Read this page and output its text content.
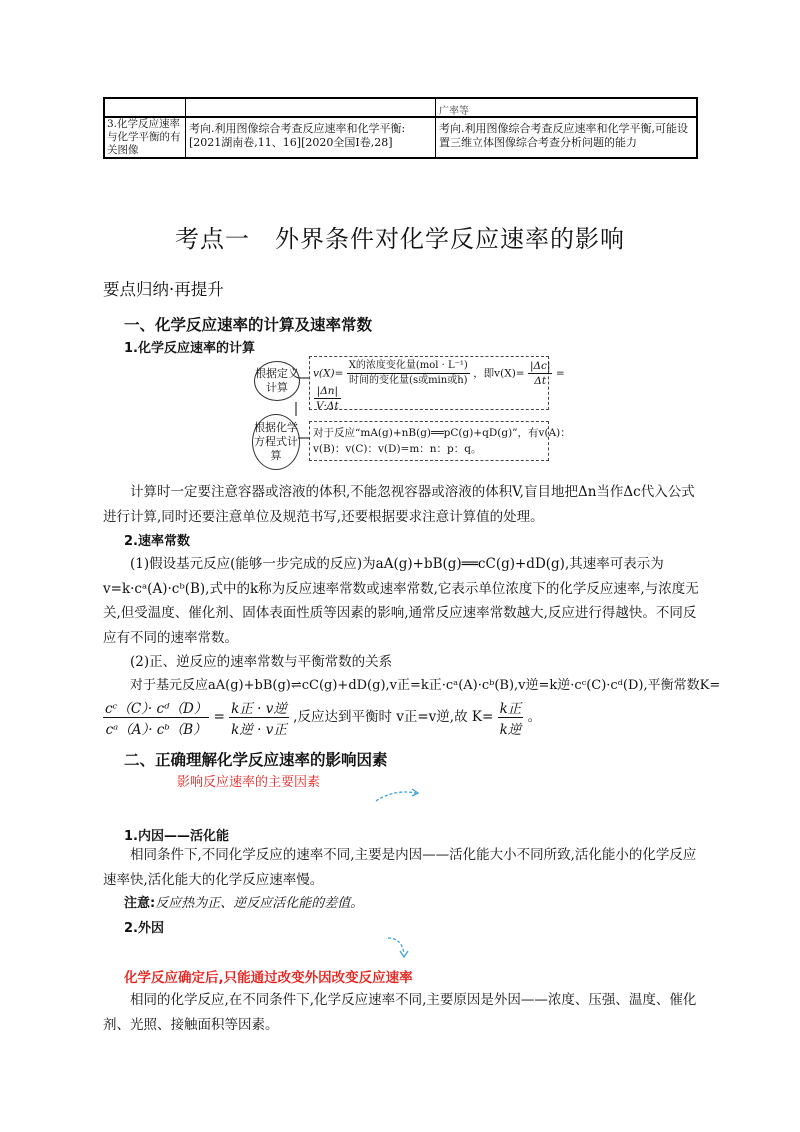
广率等
3.化学反应速率与化学平衡的有关图像
考向.利用图像综合考查反应速率和化学平衡:[2021湖南卷,11、16][2020全国Ⅰ卷,28]
考向.利用图像综合考查反应速率和化学平衡,可能设置三维立体图像综合考查分析问题的能力
考点一　外界条件对化学反应速率的影响
要点归纳·再提升
一、化学反应速率的计算及速率常数
1.化学反应速率的计算
根据定义计算
根据化学方程式计算
$v(X)= \frac{\text{X的浓度变化量(mol · L⁻¹)}}{\text{时间的变化量(s或min或h)}}$ ，即$v(X)= \frac{|\Delta c|}{\Delta t}$ =
$\frac{|\Delta n|}{V\cdot\Delta t}$
对于反应“mA(g)+nB(g)══pC(g)+qD(g)”，有v(A)：
v(B)：v(C)：v(D)=m：n：p：q。

计算时一定要注意容器或溶液的体积,不能忽视容器或溶液的体积V,盲目地把Δn当作Δc代入公式进行计算,同时还要注意单位及规范书写,还要根据要求注意计算值的处理。

2.速率常数

(1)假设基元反应(能够一步完成的反应)为aA(g)+bB(g)══cC(g)+dD(g),其速率可表示为v=k·cᵃ(A)·cᵇ(B),式中的k称为反应速率常数或速率常数,它表示单位浓度下的化学反应速率,与浓度无关,但受温度、催化剂、固体表面性质等因素的影响,通常反应速率常数越大,反应进行得越快。不同反应有不同的速率常数。

(2)正、逆反应的速率常数与平衡常数的关系

对于基元反应aA(g)+bB(g)⇌cC(g)+dD(g),v正=k正·cᵃ(A)·cᵇ(B),v逆=k逆·cᶜ(C)·cᵈ(D),平衡常数K=

$\frac{\text{cᶜ（C）· cᵈ（D）}}{\text{cᵃ（A）· cᵇ（B）}} = \frac{\text{k正 · v逆}}{\text{k逆 · v正}}$ ,反应达到平衡时 v正=v逆,故 $K= \frac{\text{k正}}{\text{k逆}}$ 。
二、正确理解化学反应速率的影响因素
影响反应速率的主要因素
1.内因——活化能

相同条件下,不同化学反应的速率不同,主要是内因——活化能大小不同所致,活化能小的化学反应速率快,活化能大的化学反应速率慢。

注意:反应热为正、逆反应活化能的差值。
2.外因
化学反应确定后,只能通过改变外因改变反应速率

相同的化学反应,在不同条件下,化学反应速率不同,主要原因是外因——浓度、压强、温度、催化剂、光照、接触面积等因素。
